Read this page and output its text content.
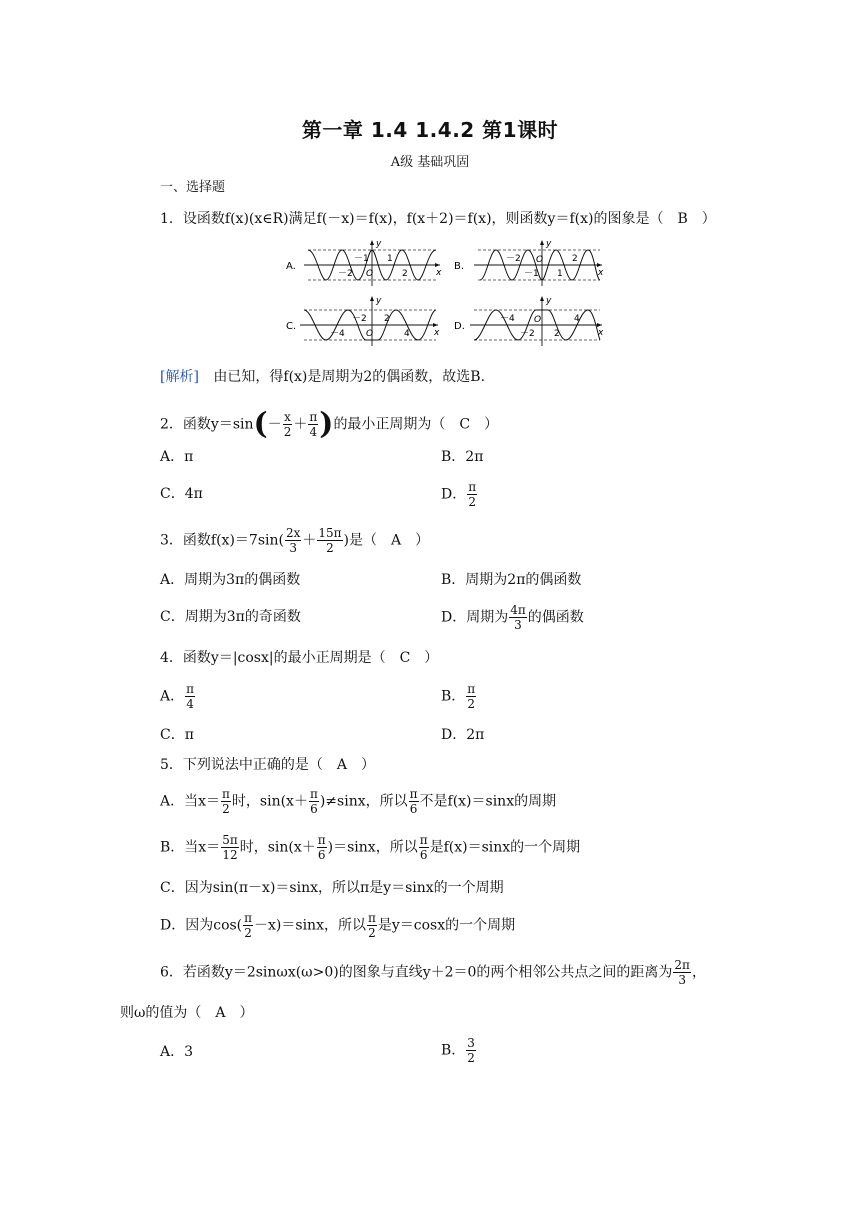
第一章 1.4 1.4.2 第1课时
A级 基础巩固
一、选择题
1．设函数f(x)(x∈R)满足f(－x)＝f(x)，f(x＋2)＝f(x)，则函数y＝f(x)的图象是（　B　）
A.
－2
－1 1
2
O
y
x
B.
－2
－1 1
2
O
y
x
C.
－4
－2 2
4
O
y
x
D.
－4
－2 2
4
O
y
x
[解析] 由已知，得f(x)是周期为2的偶函数，故选B.
2．函数$y=\sin(- \frac{x}{2} + \frac{\pi}{4}$ )的最小正周期为（　C　）
A．π	B．2π
C．4π	D． $\frac{\pi}{2}$
3．函数$f(x)=7\sin( \frac{2x}{3} + \frac{15\pi}{2}$ )是（　A　）
A．周期为3π的偶函数	B．周期为2π的偶函数
C．周期为3π的奇函数	D．周期为 $\frac{4\pi}{3}$ 的偶函数
4．函数y＝|cosx|的最小正周期是（　C　）
A． $\frac{\pi}{4}$	B． $\frac{\pi}{2}$
C．π	D．2π
5．下列说法中正确的是（　A　）
A．当$x= \frac{\pi}{2}$ 时，$\sin(x+ \frac{\pi}{6} )\ne\sin x$，所以 $\frac{\pi}{6}$ 不是f(x)＝sinx的周期
B．当$x= \frac{5\pi}{12}$ 时，$\sin(x+ \frac{\pi}{6} )=\sin x$，所以 $\frac{\pi}{6}$ 是f(x)＝sinx的一个周期
C．因为sin(π－x)＝sinx，所以π是y＝sinx的一个周期
D．因为$\cos( \frac{\pi}{2} -x)=\sin x$，所以 $\frac{\pi}{2}$ 是y＝cosx的一个周期
6．若函数y＝2sinωx(ω>0)的图象与直线y＋2＝0的两个相邻公共点之间的距离为 $\frac{2\pi}{3}$ ，
则ω的值为（　A　）
A．3	B． $\frac{3}{2}$
